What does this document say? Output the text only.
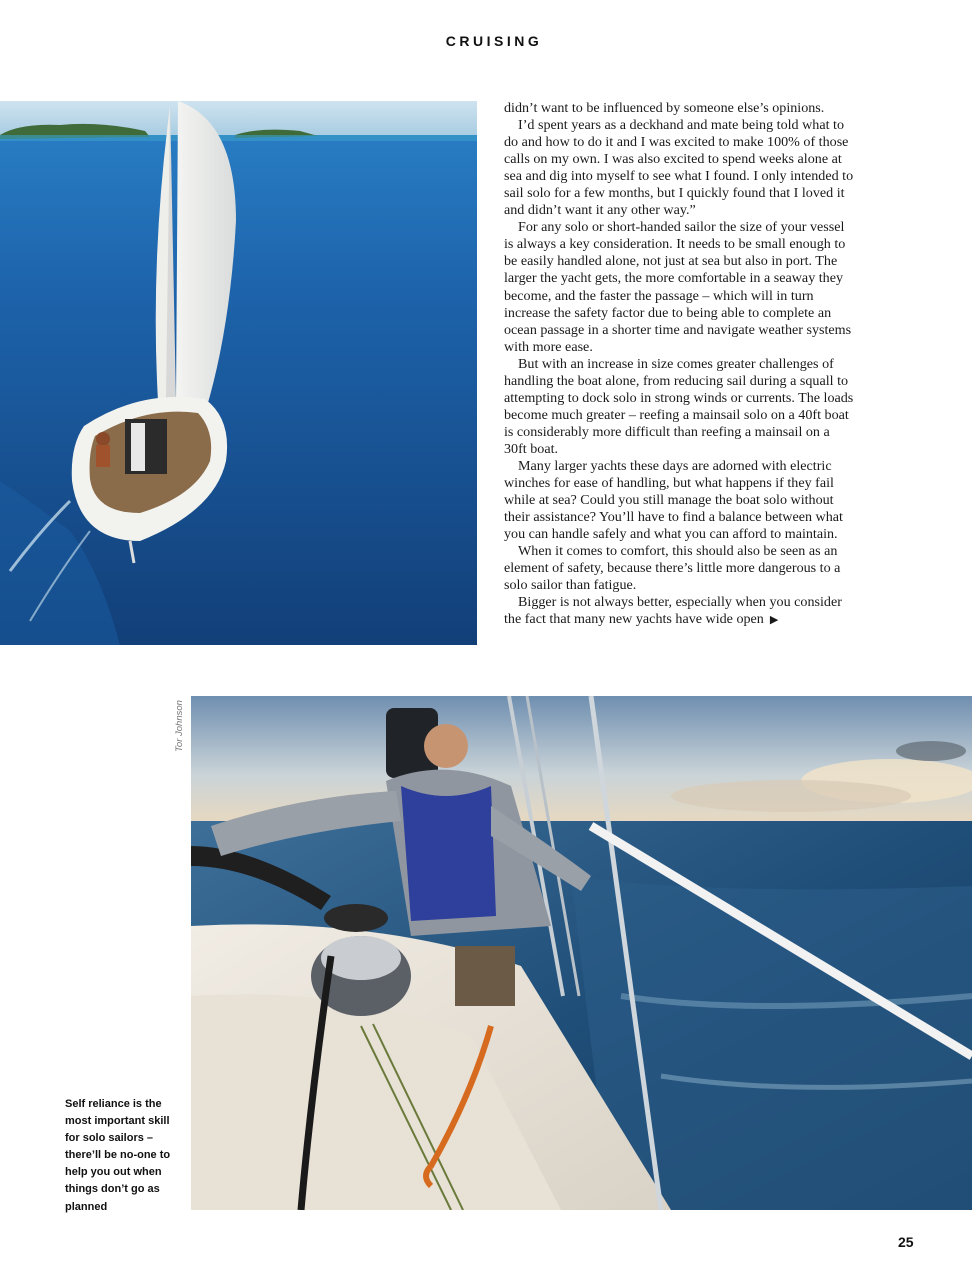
CRUISING

didn’t want to be influenced by someone else’s opinions.

I’d spent years as a deckhand and mate being told what to do and how to do it and I was excited to make 100% of those calls on my own. I was also excited to spend weeks alone at sea and dig into myself to see what I found. I only intended to sail solo for a few months, but I quickly found that I loved it and didn’t want it any other way.”

For any solo or short-handed sailor the size of your vessel is always a key consideration. It needs to be small enough to be easily handled alone, not just at sea but also in port. The larger the yacht gets, the more comfortable in a seaway they become, and the faster the passage – which will in turn increase the safety factor due to being able to complete an ocean passage in a shorter time and navigate weather systems with more ease.

But with an increase in size comes greater challenges of handling the boat alone, from reducing sail during a squall to attempting to dock solo in strong winds or currents. The loads become much greater – reefing a mainsail solo on a 40ft boat is considerably more difficult than reefing a mainsail on a 30ft boat.

Many larger yachts these days are adorned with electric winches for ease of handling, but what happens if they fail while at sea? Could you still manage the boat solo without their assistance? You’ll have to find a balance between what you can handle safely and what you can afford to maintain.

When it comes to comfort, this should also be seen as an element of safety, because there’s little more dangerous to a solo sailor than fatigue.

Bigger is not always better, especially when you consider the fact that many new yachts have wide open ▶

Tor Johnson
Self reliance is the most important skill for solo sailors – there’ll be no-one to help you out when things don’t go as planned
25
